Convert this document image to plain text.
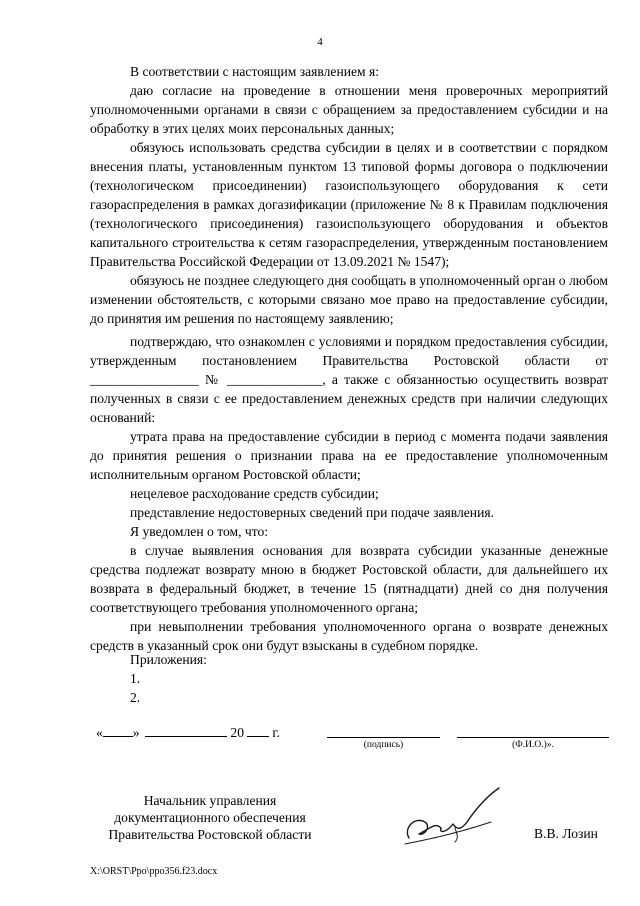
4

В соответствии с настоящим заявлением я:

даю согласие на проведение в отношении меня проверочных мероприятий уполномоченными органами в связи с обращением за предоставлением субсидии и на обработку в этих целях моих персональных данных;

обязуюсь использовать средства субсидии в целях и в соответствии с порядком внесения платы, установленным пунктом 13 типовой формы договора о подключении (технологическом присоединении) газоиспользующего оборудования к сети газораспределения в рамках догазификации (приложение № 8 к Правилам подключения (технологического присоединения) газоиспользующего оборудования и объектов капитального строительства к сетям газораспределения, утвержденным постановлением Правительства Российской Федерации от 13.09.2021 № 1547);

обязуюсь не позднее следующего дня сообщать в уполномоченный орган о любом изменении обстоятельств, с которыми связано мое право на предоставление субсидии, до принятия им решения по настоящему заявлению;

подтверждаю, что ознакомлен с условиями и порядком предоставления субсидии, утвержденным постановлением Правительства Ростовской области от ________________ № ______________, а также с обязанностью осуществить возврат полученных в связи с ее предоставлением денежных средств при наличии следующих оснований:

утрата права на предоставление субсидии в период с момента подачи заявления до принятия решения о признании права на ее предоставление уполномоченным исполнительным органом Ростовской области;

нецелевое расходование средств субсидии;

представление недостоверных сведений при подаче заявления.

Я уведомлен о том, что:

в случае выявления основания для возврата субсидии указанные денежные средства подлежат возврату мною в бюджет Ростовской области, для дальнейшего их возврата в федеральный бюджет, в течение 15 (пятнадцати) дней со дня получения соответствующего требования уполномоченного органа;

при невыполнении требования уполномоченного органа о возврате денежных средств в указанный срок они будут взысканы в судебном порядке.

Приложения:
1.
2.
« »	20 г.
(подпись)	(Ф.И.О.)».
Начальник управления
документационного обеспечения
Правительства Ростовской области	В.В. Лозин
X:\ORST\Ppo\ppo356.f23.docx
